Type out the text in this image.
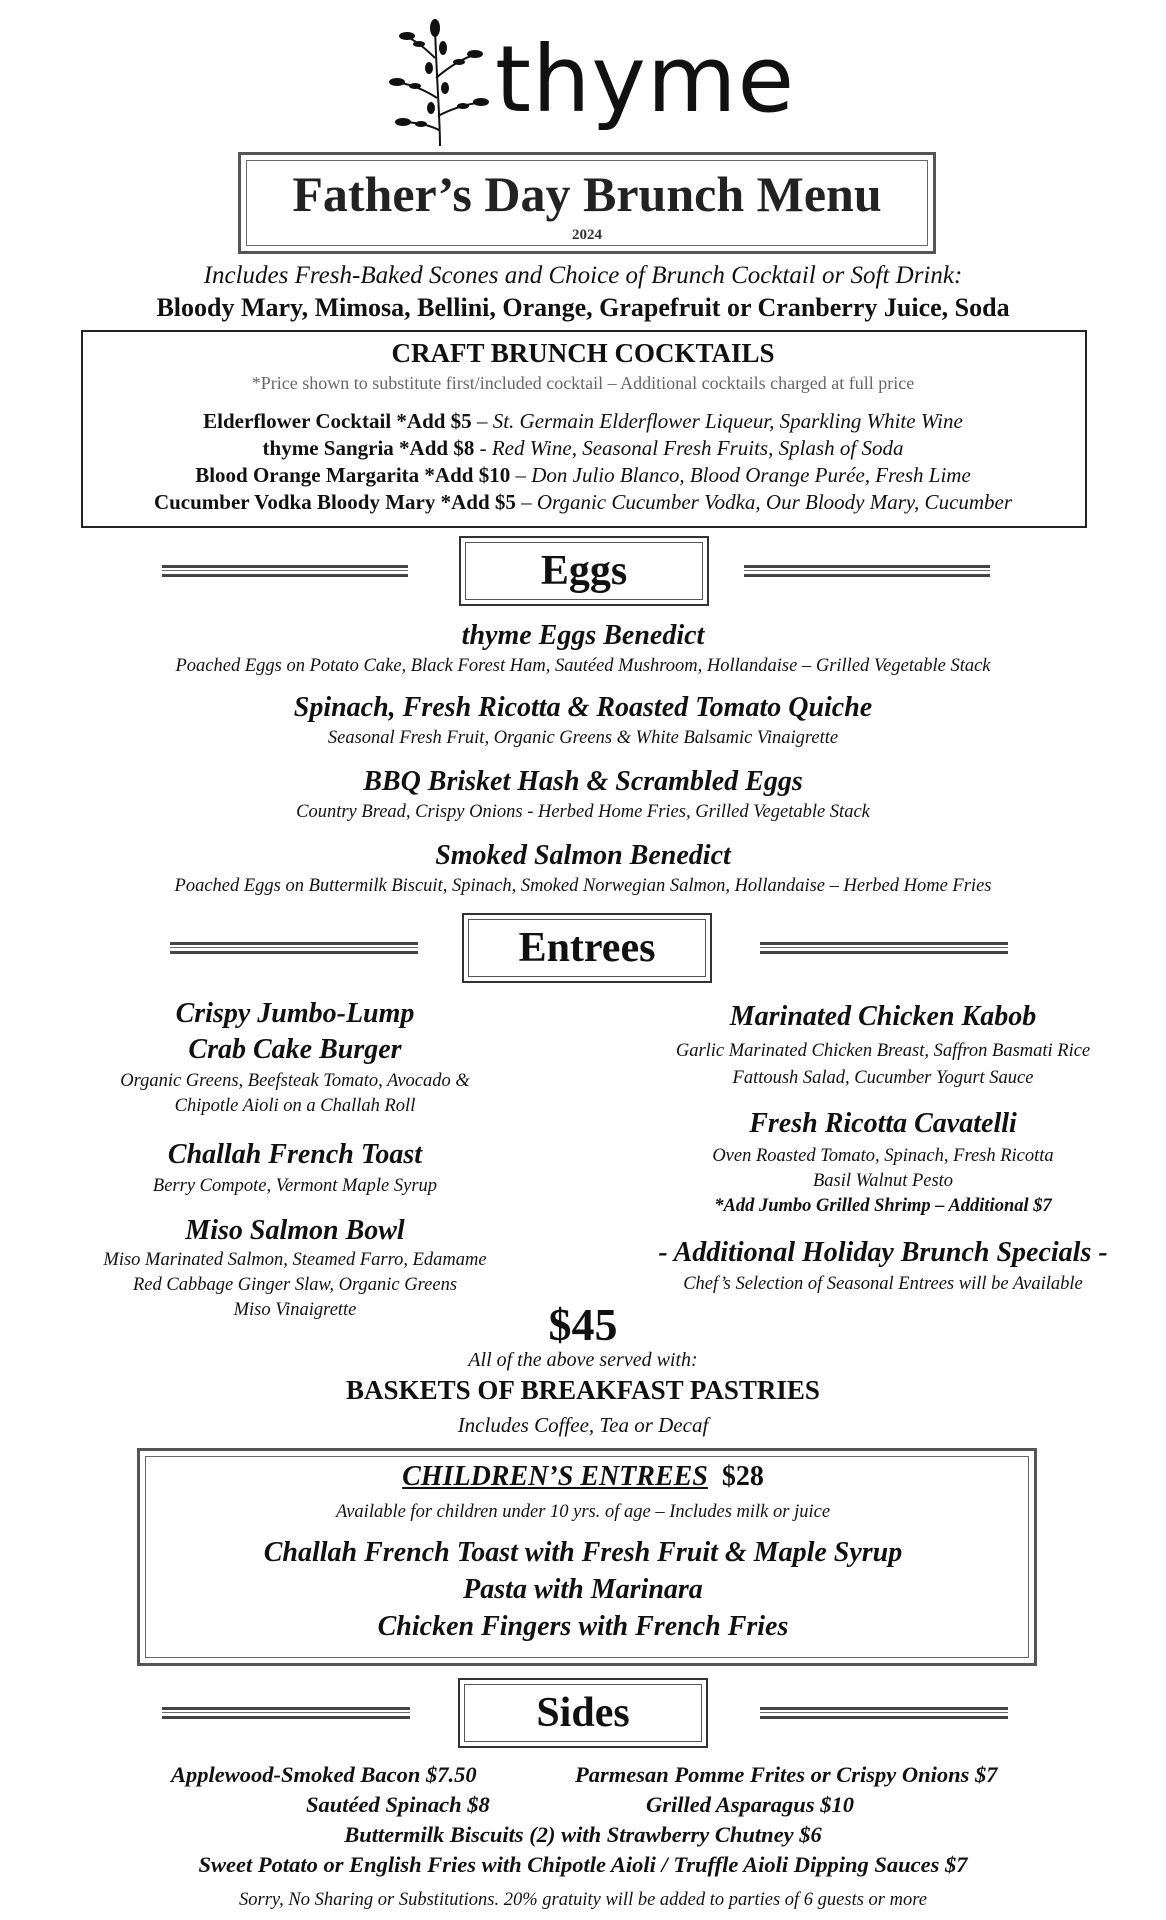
thyme
Father’s Day Brunch Menu
2024
Includes Fresh-Baked Scones and Choice of Brunch Cocktail or Soft Drink:
Bloody Mary, Mimosa, Bellini, Orange, Grapefruit or Cranberry Juice, Soda
CRAFT BRUNCH COCKTAILS
*Price shown to substitute first/included cocktail – Additional cocktails charged at full price
Elderflower Cocktail *Add $5 – St. Germain Elderflower Liqueur, Sparkling White Wine
thyme Sangria *Add $8 - Red Wine, Seasonal Fresh Fruits, Splash of Soda
Blood Orange Margarita *Add $10 – Don Julio Blanco, Blood Orange Purée, Fresh Lime
Cucumber Vodka Bloody Mary *Add $5 – Organic Cucumber Vodka, Our Bloody Mary, Cucumber
Eggs
thyme Eggs Benedict
Poached Eggs on Potato Cake, Black Forest Ham, Sautéed Mushroom, Hollandaise – Grilled Vegetable Stack
Spinach, Fresh Ricotta & Roasted Tomato Quiche
Seasonal Fresh Fruit, Organic Greens & White Balsamic Vinaigrette
BBQ Brisket Hash & Scrambled Eggs
Country Bread, Crispy Onions - Herbed Home Fries, Grilled Vegetable Stack
Smoked Salmon Benedict
Poached Eggs on Buttermilk Biscuit, Spinach, Smoked Norwegian Salmon, Hollandaise – Herbed Home Fries
Entrees
Crispy Jumbo-Lump
Crab Cake Burger
Organic Greens, Beefsteak Tomato, Avocado &
Chipotle Aioli on a Challah Roll
Challah French Toast
Berry Compote, Vermont Maple Syrup
Miso Salmon Bowl
Miso Marinated Salmon, Steamed Farro, Edamame
Red Cabbage Ginger Slaw, Organic Greens
Miso Vinaigrette
Marinated Chicken Kabob
Garlic Marinated Chicken Breast, Saffron Basmati Rice
Fattoush Salad, Cucumber Yogurt Sauce
Fresh Ricotta Cavatelli
Oven Roasted Tomato, Spinach, Fresh Ricotta
Basil Walnut Pesto
*Add Jumbo Grilled Shrimp – Additional $7
- Additional Holiday Brunch Specials -
Chef’s Selection of Seasonal Entrees will be Available
$45
All of the above served with:
BASKETS OF BREAKFAST PASTRIES
Includes Coffee, Tea or Decaf
CHILDREN’S ENTREES $28
Available for children under 10 yrs. of age – Includes milk or juice
Challah French Toast with Fresh Fruit & Maple Syrup
Pasta with Marinara
Chicken Fingers with French Fries
Sides
Applewood-Smoked Bacon $7.50	Parmesan Pomme Frites or Crispy Onions $7
Sautéed Spinach $8	Grilled Asparagus $10
Buttermilk Biscuits (2) with Strawberry Chutney $6
Sweet Potato or English Fries with Chipotle Aioli / Truffle Aioli Dipping Sauces $7
Sorry, No Sharing or Substitutions. 20% gratuity will be added to parties of 6 guests or more
